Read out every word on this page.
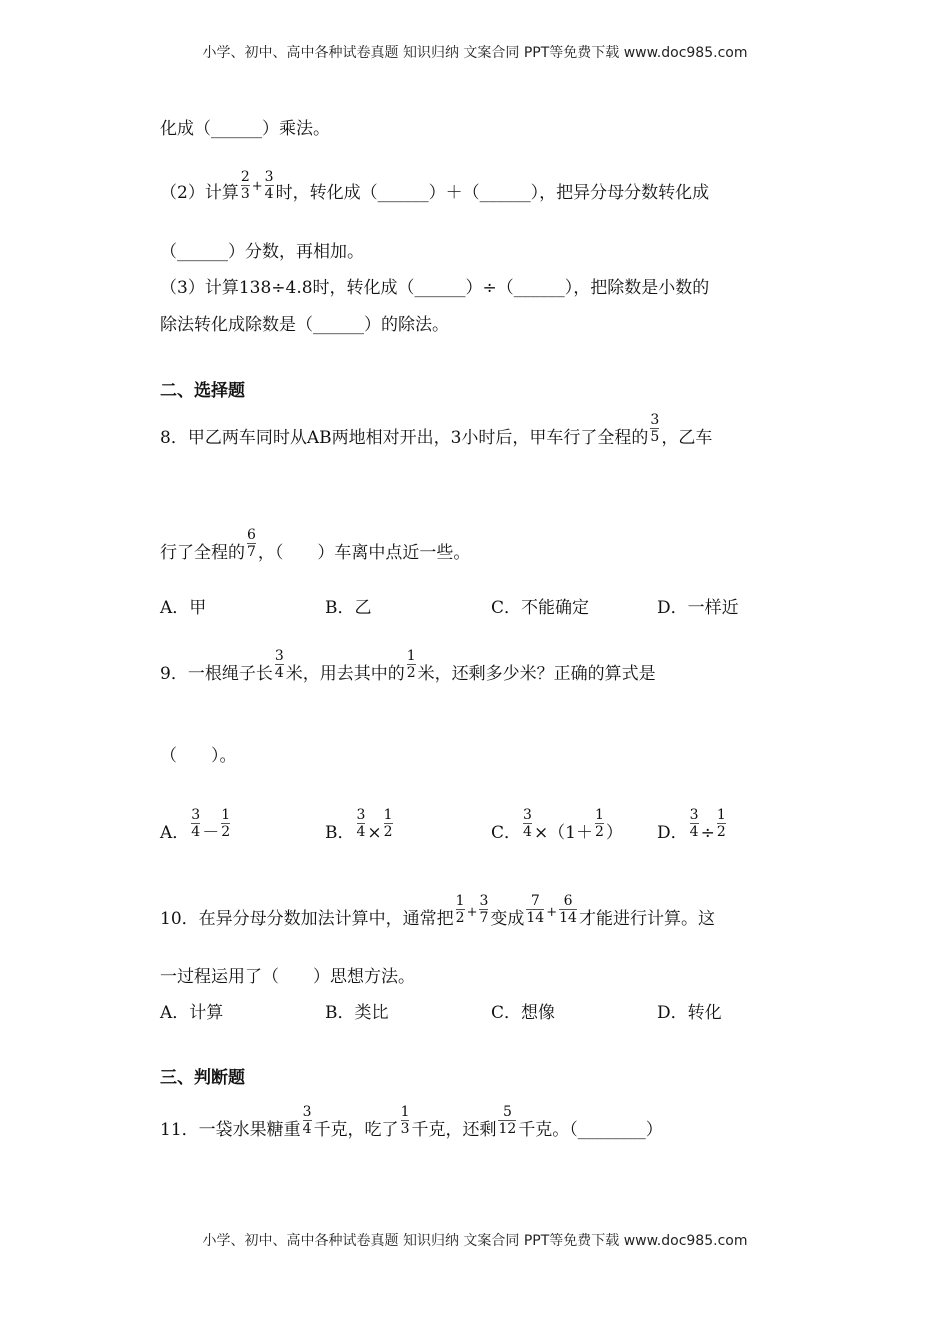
小学、初中、高中各种试卷真题 知识归纳 文案合同 PPT等免费下载 www.doc985.com
化成（______）乘法。
（2）计算 $\frac{2}{3} ^+ \frac{3}{4}$ 时，转化成（______）＋（______），把异分母分数转化成
（______）分数，再相加。
（3）计算138÷4.8时，转化成（______）÷（______），把除数是小数的
除法转化成除数是（______）的除法。
二、选择题
8．甲乙两车同时从AB两地相对开出，3小时后，甲车行了全程的 $\frac{3}{5}$ ，乙车
行了全程的 $\frac{6}{7}$ ，（　　）车离中点近一些。
A．甲	B．乙	C．不能确定	D．一样近
9．一根绳子长 $\frac{3}{4}$ 米，用去其中的 $\frac{1}{2}$ 米，还剩多少米？正确的算式是
（　　）。
A． $\frac{3}{4} - \frac{1}{2}$	B． $\frac{3}{4} \times \frac{1}{2}$	C． $\frac{3}{4} \times(1+ \frac{1}{2}$ ） D． $\frac{3}{4} \div \frac{1}{2}$
10．在异分母分数加法计算中，通常把 $\frac{1}{2} ^+ \frac{3}{7}$ 变成 $\frac{7}{14} ^+ \frac{6}{14}$ 才能进行计算。这
一过程运用了（　　）思想方法。
A．计算	B．类比	C．想像	D．转化
三、判断题
11．一袋水果糖重 $\frac{3}{4}$ 千克，吃了 $\frac{1}{3}$ 千克，还剩 $\frac{5}{12}$ 千克。（________）
小学、初中、高中各种试卷真题 知识归纳 文案合同 PPT等免费下载 www.doc985.com
